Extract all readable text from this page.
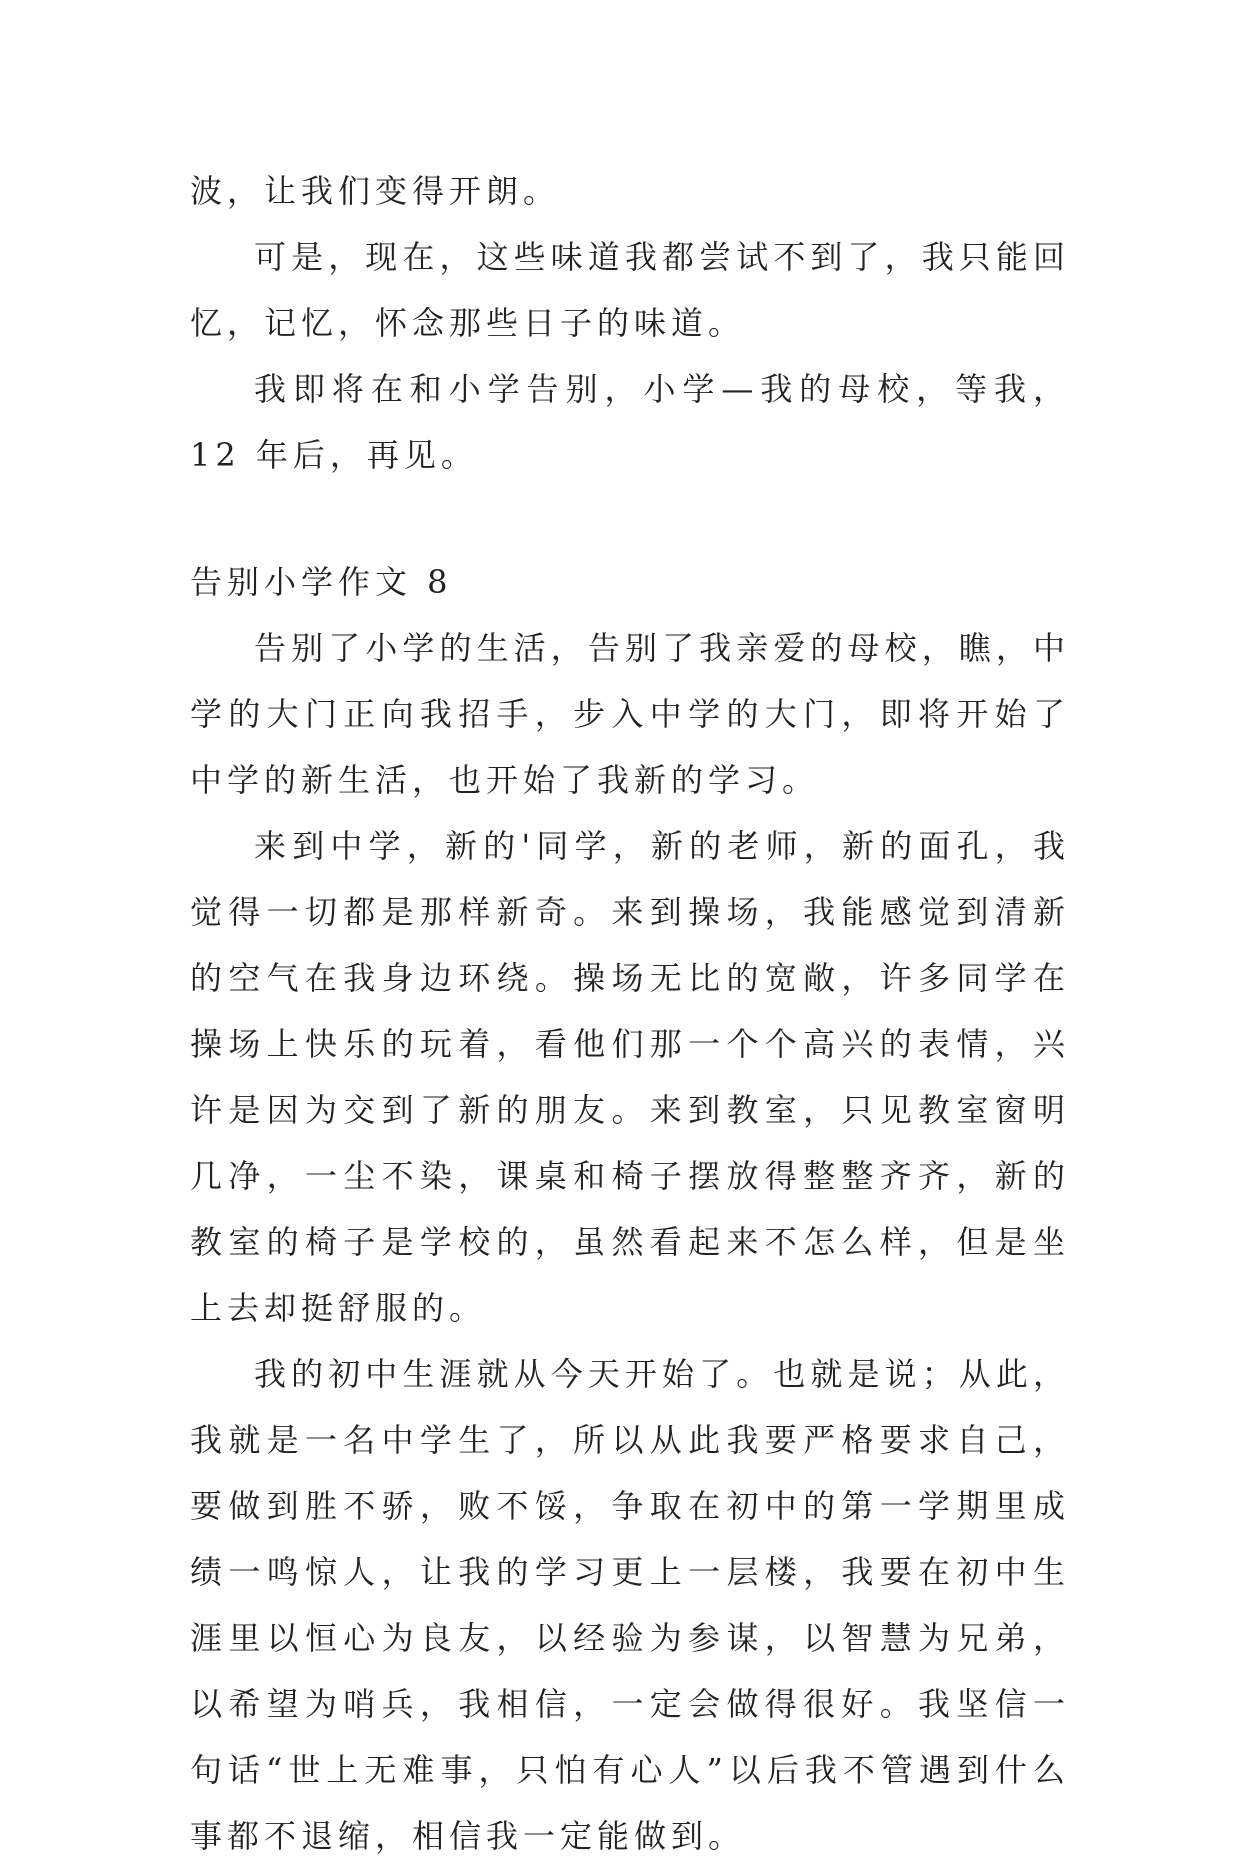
波，让我们变得开朗。

可是，现在，这些味道我都尝试不到了，我只能回忆，记忆，怀念那些日子的味道。

我即将在和小学告别，小学—我的母校，等我，12 年后，再见。

告别小学作文 8

告别了小学的生活，告别了我亲爱的母校，瞧，中学的大门正向我招手，步入中学的大门，即将开始了中学的新生活，也开始了我新的学习。

来到中学，新的'同学，新的老师，新的面孔，我觉得一切都是那样新奇。来到操场，我能感觉到清新的空气在我身边环绕。操场无比的宽敞，许多同学在操场上快乐的玩着，看他们那一个个高兴的表情，兴许是因为交到了新的朋友。来到教室，只见教室窗明几净，一尘不染，课桌和椅子摆放得整整齐齐，新的教室的椅子是学校的，虽然看起来不怎么样，但是坐上去却挺舒服的。

我的初中生涯就从今天开始了。也就是说；从此，我就是一名中学生了，所以从此我要严格要求自己，要做到胜不骄，败不馁，争取在初中的第一学期里成绩一鸣惊人，让我的学习更上一层楼，我要在初中生涯里以恒心为良友，以经验为参谋，以智慧为兄弟，以希望为哨兵，我相信，一定会做得很好。我坚信一句话“世上无难事，只怕有心人”以后我不管遇到什么事都不退缩，相信我一定能做到。
